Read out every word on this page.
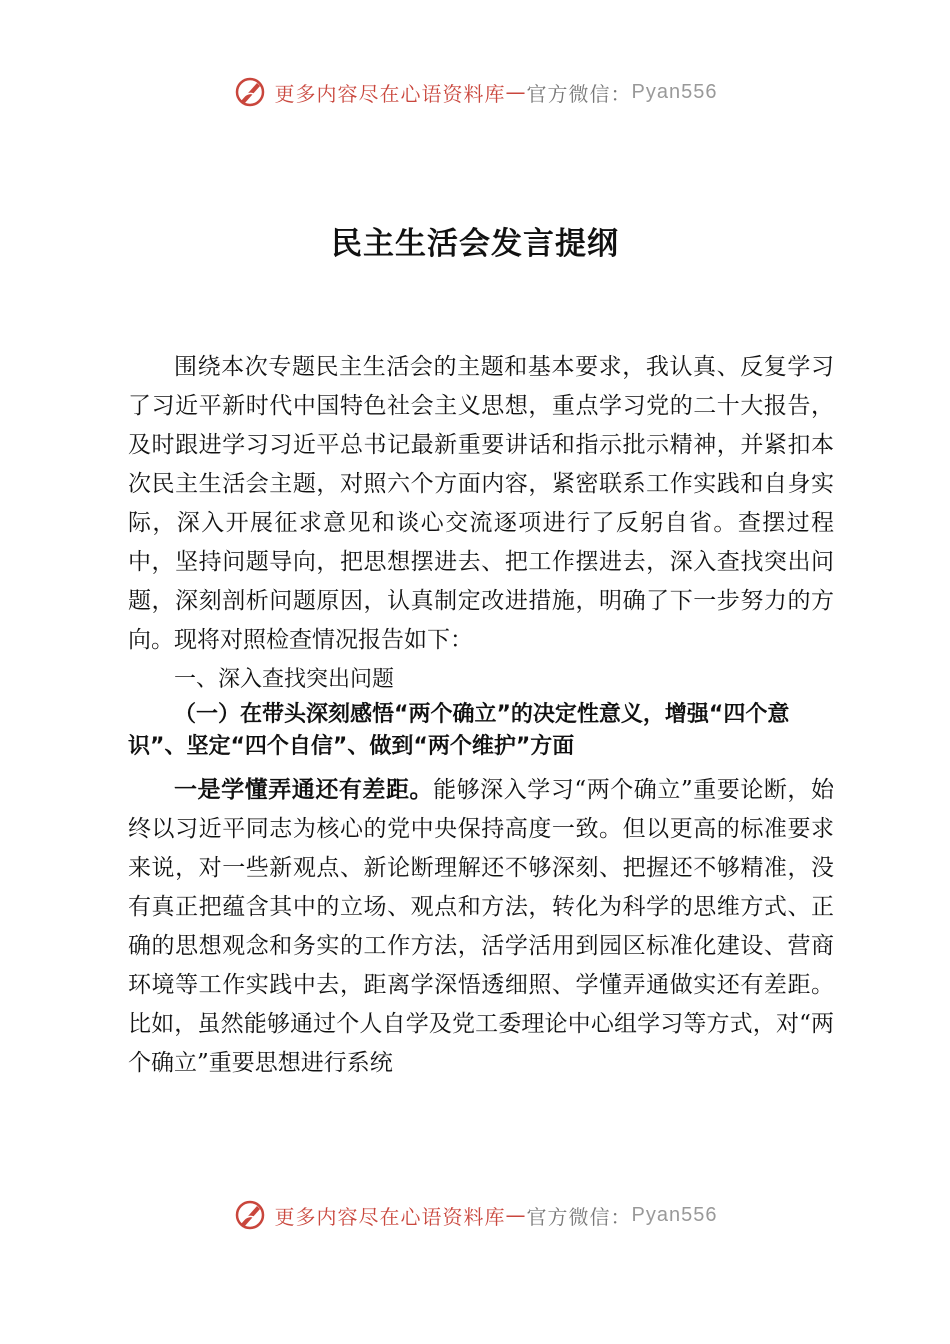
更多内容尽在心语资料库 — 官方微信： Pyan556
民主生活会发言提纲

围绕本次专题民主生活会的主题和基本要求，我认真、反复学习了习近平新时代中国特色社会主义思想，重点学习党的二十大报告，及时跟进学习习近平总书记最新重要讲话和指示批示精神，并紧扣本次民主生活会主题，对照六个方面内容，紧密联系工作实践和自身实际，深入开展征求意见和谈心交流逐项进行了反躬自省。查摆过程中，坚持问题导向，把思想摆进去、把工作摆进去，深入查找突出问题，深刻剖析问题原因，认真制定改进措施，明确了下一步努力的方向。现将对照检查情况报告如下：

一、深入查找突出问题

（一）在带头深刻感悟“两个确立”的决定性意义，增强“四个意识”、坚定“四个自信”、做到“两个维护”方面

一是学懂弄通还有差距。能够深入学习“两个确立”重要论断，始终以习近平同志为核心的党中央保持高度一致。但以更高的标准要求来说，对一些新观点、新论断理解还不够深刻、把握还不够精准，没有真正把蕴含其中的立场、观点和方法，转化为科学的思维方式、正确的思想观念和务实的工作方法，活学活用到园区标准化建设、营商环境等工作实践中去，距离学深悟透细照、学懂弄通做实还有差距。比如，虽然能够通过个人自学及党工委理论中心组学习等方式，对“两个确立”重要思想进行系统

更多内容尽在心语资料库 — 官方微信： Pyan556
